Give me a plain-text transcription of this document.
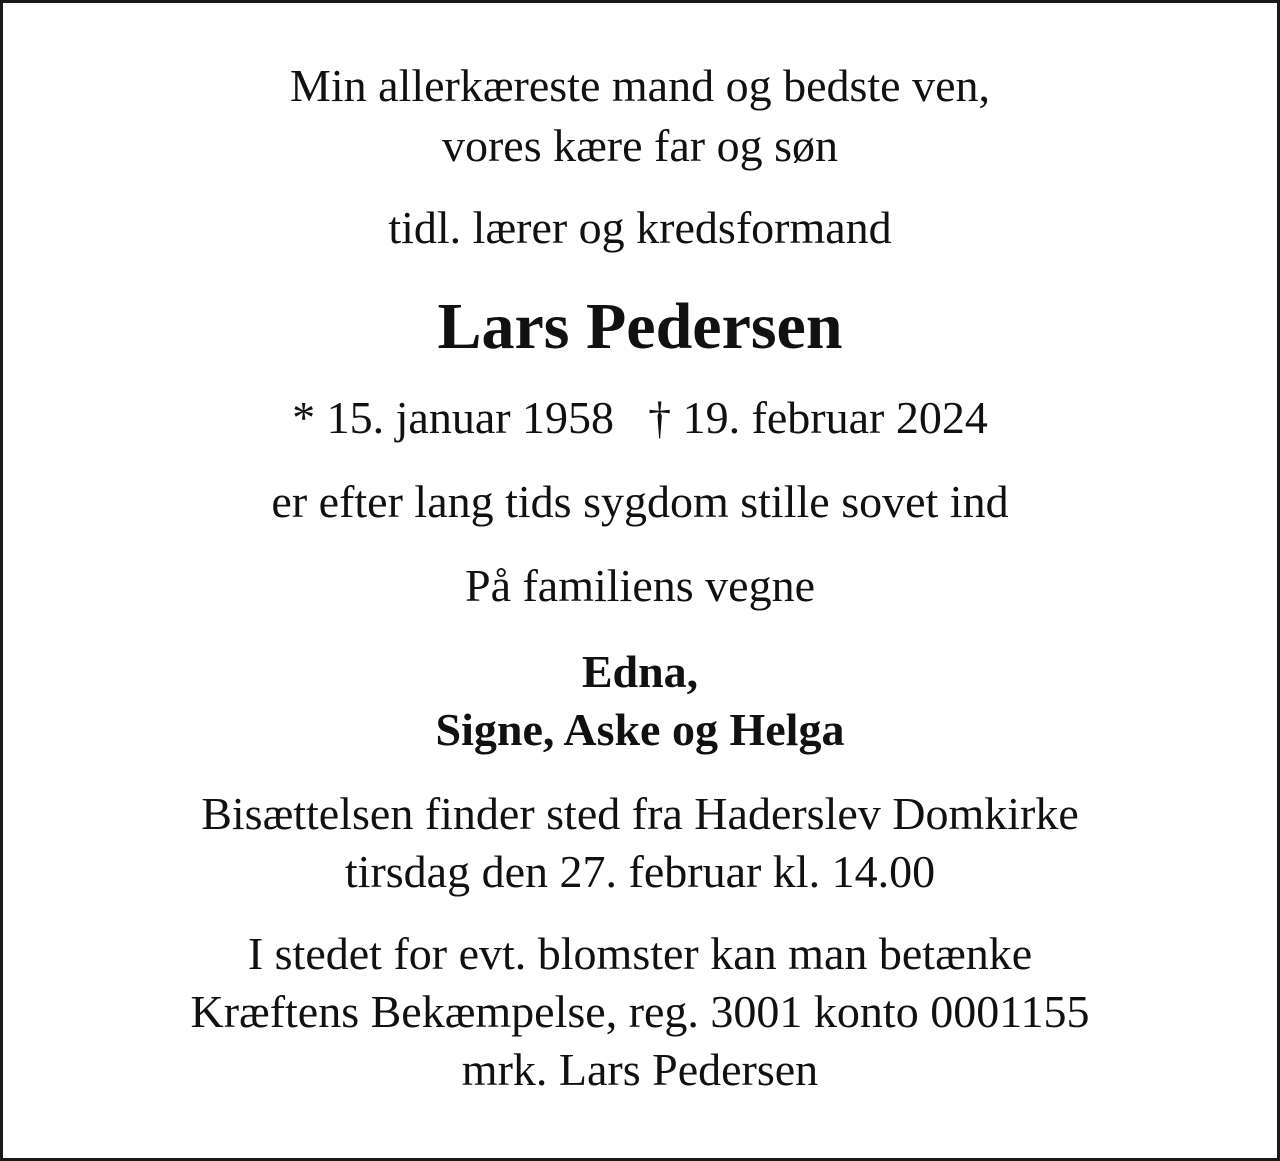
Min allerkæreste mand og bedste ven,
vores kære far og søn
tidl. lærer og kredsformand
Lars Pedersen
* 15. januar 1958 † 19. februar 2024
er efter lang tids sygdom stille sovet ind
På familiens vegne
Edna,
Signe, Aske og Helga
Bisættelsen finder sted fra Haderslev Domkirke
tirsdag den 27. februar kl. 14.00
I stedet for evt. blomster kan man betænke
Kræftens Bekæmpelse, reg. 3001 konto 0001155
mrk. Lars Pedersen
